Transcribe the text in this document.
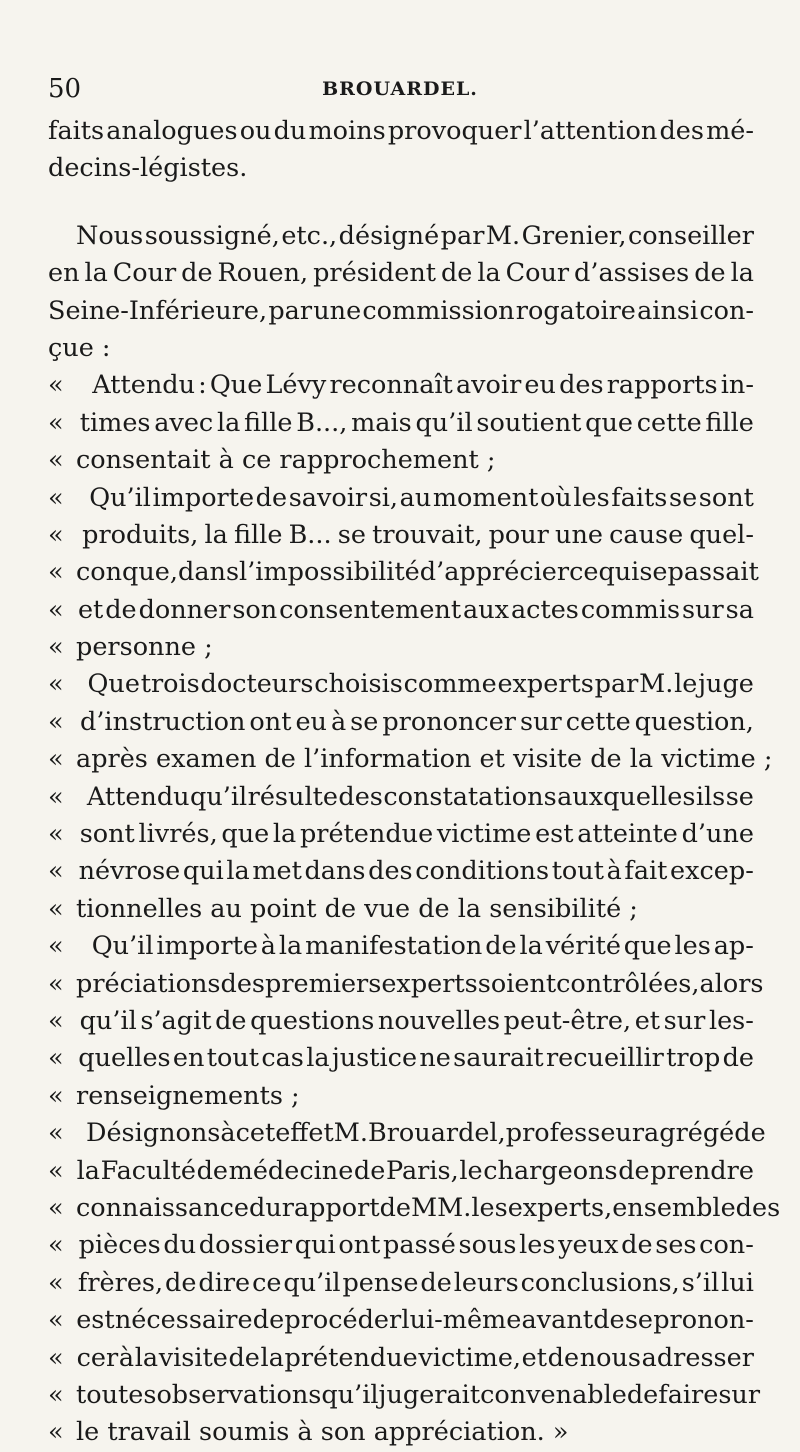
50	BROUARDEL.
faits analogues ou du moins provoquer l’attention des mé-
decins-légistes.
Nous soussigné, etc., désigné par M. Grenier, conseiller
en la Cour de Rouen, président de la Cour d’assises de la
Seine-Inférieure, par une commission rogatoire ainsi con-
çue :
«	Attendu : Que Lévy reconnaît avoir eu des rapports in-
« times avec la fille B..., mais qu’il soutient que cette fille
« consentait à ce rapprochement ;
«	Qu’il importe de savoir si, au moment où les faits se sont
« produits, la fille B... se trouvait, pour une cause quel-
« conque, dans l’impossibilité d’apprécier ce qui se passait
« et de donner son consentement aux actes commis sur sa
« personne ;
« Que trois docteurs choisis comme experts par M. le juge
« d’instruction ont eu à se prononcer sur cette question,
« après examen de l’information et visite de la victime ;
« Attendu qu’il résulte des constatations auxquelles ils se
« sont livrés, que la prétendue victime est atteinte d’une
« névrose qui la met dans des conditions tout à fait excep-
« tionnelles au point de vue de la sensibilité ;
«	Qu’il importe à la manifestation de la vérité que les ap-
« préciations des premiers experts soient contrôlées, alors
« qu’il s’agit de questions nouvelles peut-être, et sur les-
« quelles en tout cas la justice ne saurait recueillir trop de
« renseignements ;
« Désignons à cet effet M. Brouardel, professeur agrégé de
« la Faculté de médecine de Paris, le chargeons de prendre
« connaissance du rapport de MM. les experts, ensemble des
« pièces du dossier qui ont passé sous les yeux de ses con-
« frères, de dire ce qu’il pense de leurs conclusions, s’il lui
« est nécessaire de procéder lui-même avant de se pronon-
« cer à la visite de la prétendue victime, et de nous adresser
« toutes observations qu’il jugerait convenable de faire sur
« le travail soumis à son appréciation. »
